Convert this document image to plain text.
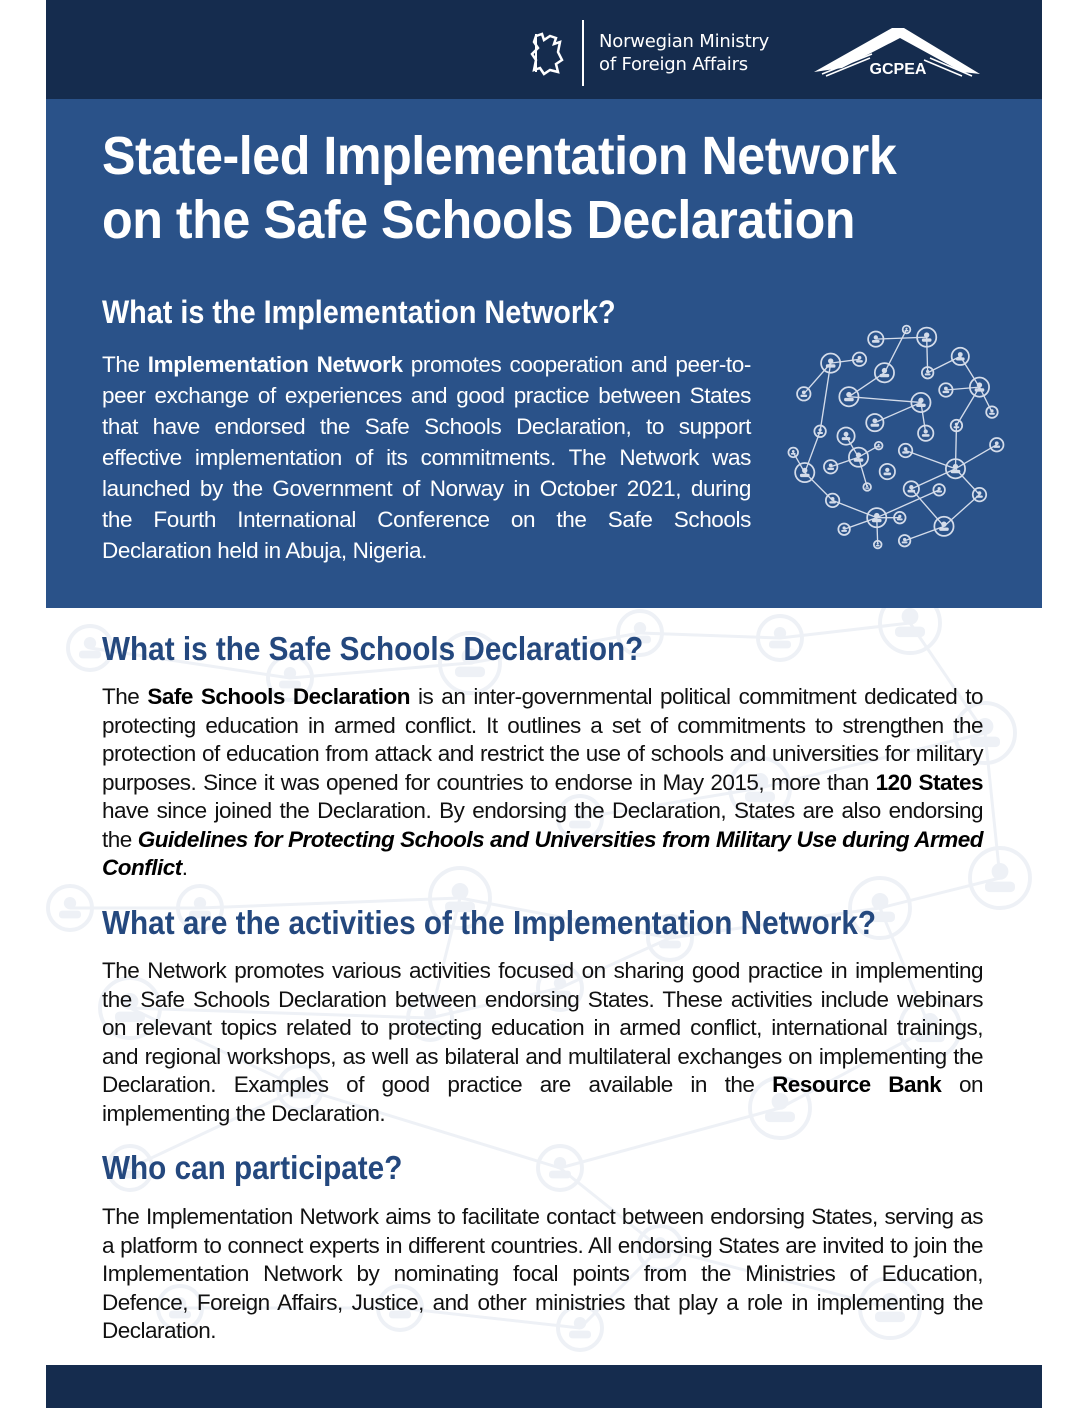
Norwegian Ministry
of Foreign Affairs	GCPEA
State-led Implementation Network on the Safe Schools Declaration
What is the Implementation Network?
The Implementation Network promotes cooperation and peer-to-peer exchange of experiences and good practice between States that have endorsed the Safe Schools Declaration, to support effective implementation of its commitments. The Network was launched by the Government of Norway in October 2021, during the Fourth International Conference on the Safe Schools Declaration held in Abuja, Nigeria.
What is the Safe Schools Declaration?
The Safe Schools Declaration is an inter-governmental political commitment dedicated to protecting education in armed conflict. It outlines a set of commitments to strengthen the protection of education from attack and restrict the use of schools and universities for military purposes. Since it was opened for countries to endorse in May 2015, more than 120 States have since joined the Declaration. By endorsing the Declaration, States are also endorsing the Guidelines for Protecting Schools and Universities from Military Use during Armed Conflict.
What are the activities of the Implementation Network?
The Network promotes various activities focused on sharing good practice in implementing the Safe Schools Declaration between endorsing States. These activities include webinars on relevant topics related to protecting education in armed conflict, international trainings, and regional workshops, as well as bilateral and multilateral exchanges on implementing the Declaration. Examples of good practice are available in the Resource Bank on implementing the Declaration.
Who can participate?
The Implementation Network aims to facilitate contact between endorsing States, serving as a platform to connect experts in different countries. All endorsing States are invited to join the Implementation Network by nominating focal points from the Ministries of Education, Defence, Foreign Affairs, Justice, and other ministries that play a role in implementing the Declaration.
